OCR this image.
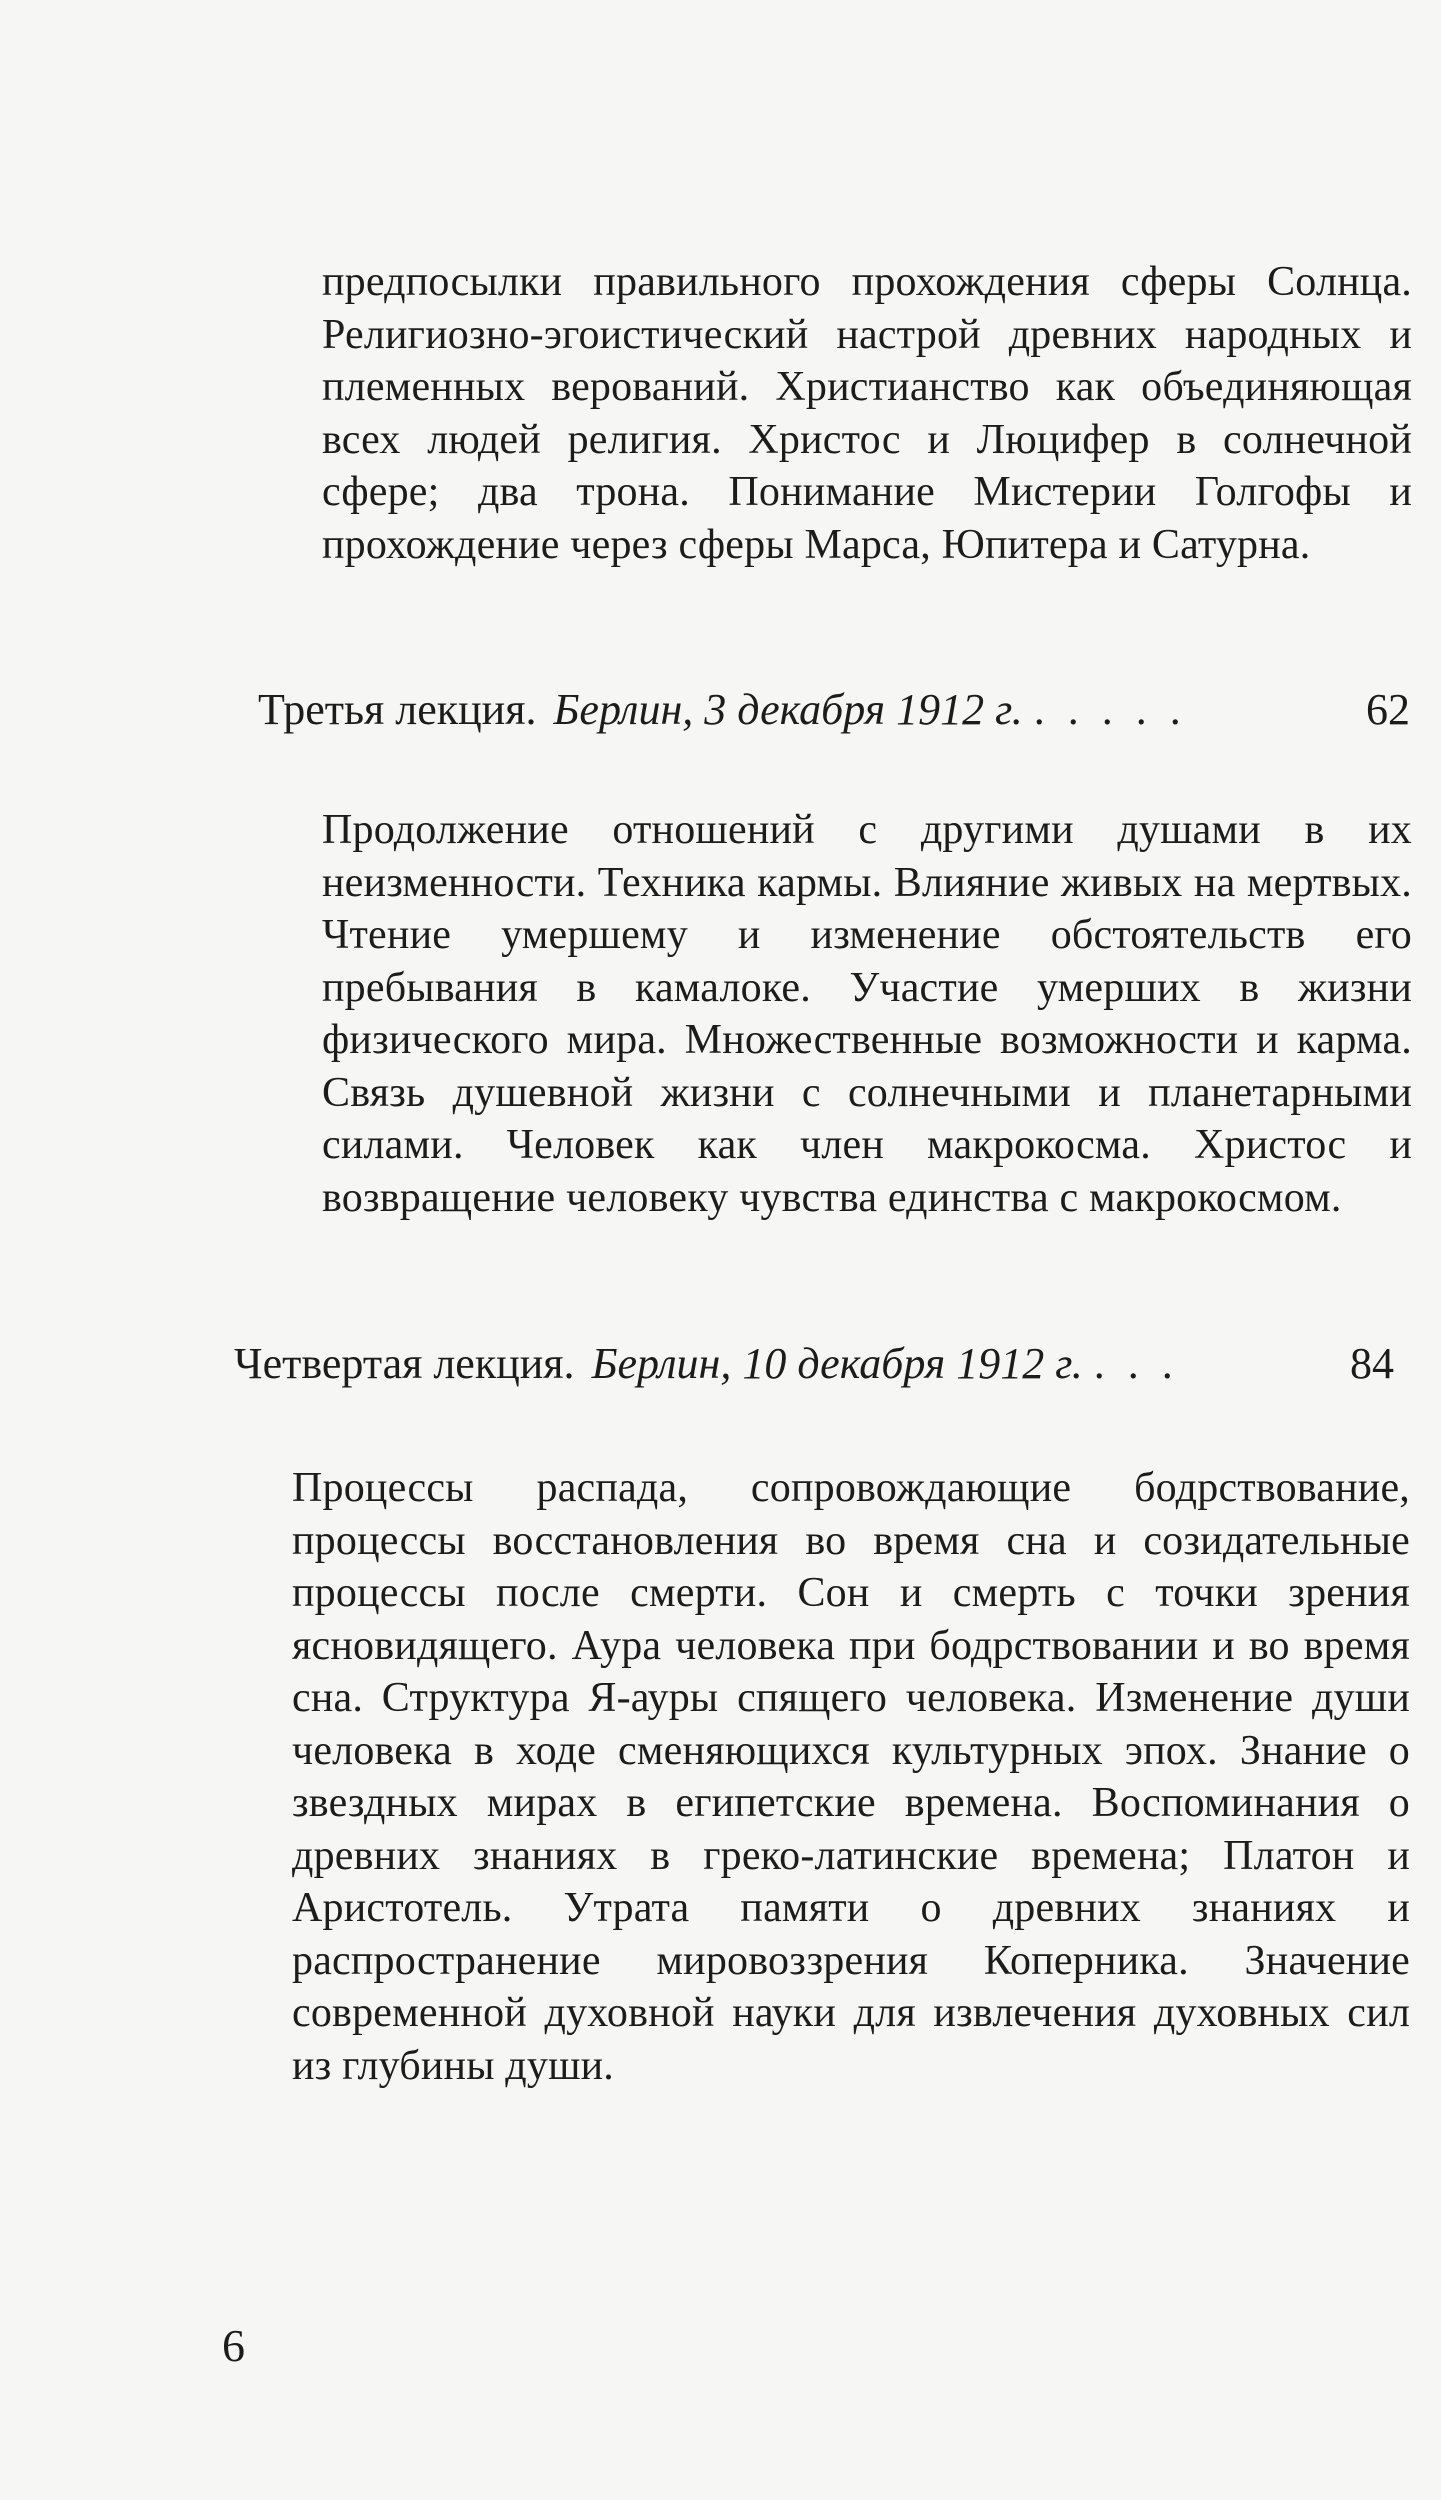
предпосылки правильного прохождения сферы Солнца. Религиозно-эгоистический настрой древних народных и племенных верований. Христианство как объединяющая всех людей религия. Христос и Люцифер в солнечной сфере; два трона. Понимание Мистерии Голгофы и прохождение через сферы Марса, Юпитера и Сатурна.

Третья лекция. Берлин, 3 декабря 1912 г. . . . . .	62

Продолжение отношений с другими душами в их неизменности. Техника кармы. Влияние живых на мертвых. Чтение умершему и изменение обстоятельств его пребывания в камалоке. Участие умерших в жизни физического мира. Множественные возможности и карма. Связь душевной жизни с солнечными и планетарными силами. Человек как член макрокосма. Христос и возвращение человеку чувства единства с макрокосмом.

Четвертая лекция. Берлин, 10 декабря 1912 г. . . .	84

Процессы распада, сопровождающие бодрствование, процессы восстановления во время сна и созидательные процессы после смерти. Сон и смерть с точки зрения ясновидящего. Аура человека при бодрствовании и во время сна. Структура Я-ауры спящего человека. Изменение души человека в ходе сменяющихся культурных эпох. Знание о звездных мирах в египетские времена. Воспоминания о древних знаниях в греко-латинские времена; Платон и Аристотель. Утрата памяти о древних знаниях и распространение мировоззрения Коперника. Значение современной духовной науки для извлечения духовных сил из глубины души.

6
